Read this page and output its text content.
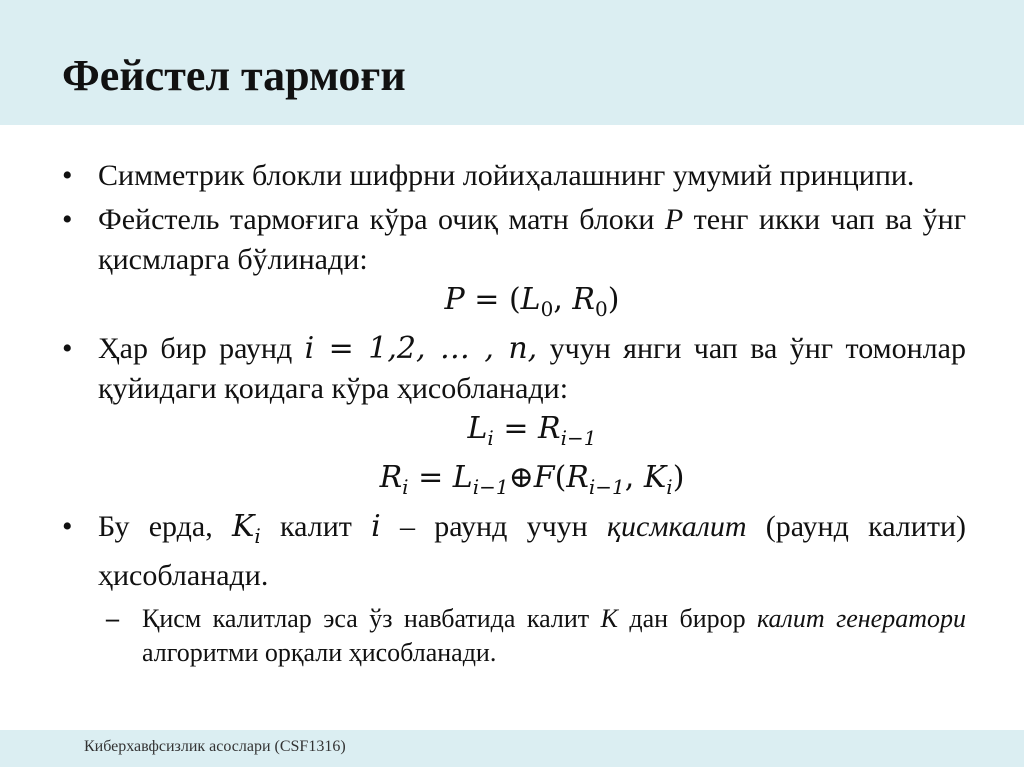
Фейстел тармоғи
• Симметрик блокли шифрни лойиҳалашнинг умумий принципи.
• Фейстель тармоғига кўра очиқ матн блоки P тенг икки чап ва ўнг қисмларга бўлинади:
$P = (L_0$, $R_0$)
• Ҳар бир раунд i = 1,2, … , n, учун янги чап ва ўнг томонлар қуйидаги қоидага кўра ҳисобланади:
$L_i = R_{i-1}$
$R_i$ = $L_{i-1}\oplus F(R_{i-1}$, $K_i$)
• Бу ерда, $K_i$ калит i – раунд учун қисмкалит (раунд калити) ҳисобланади.
– Қисм калитлар эса ўз навбатида калит K дан бирор калит генератори алгоритми орқали ҳисобланади.
Киберхавфсизлик асослари (CSF1316)
